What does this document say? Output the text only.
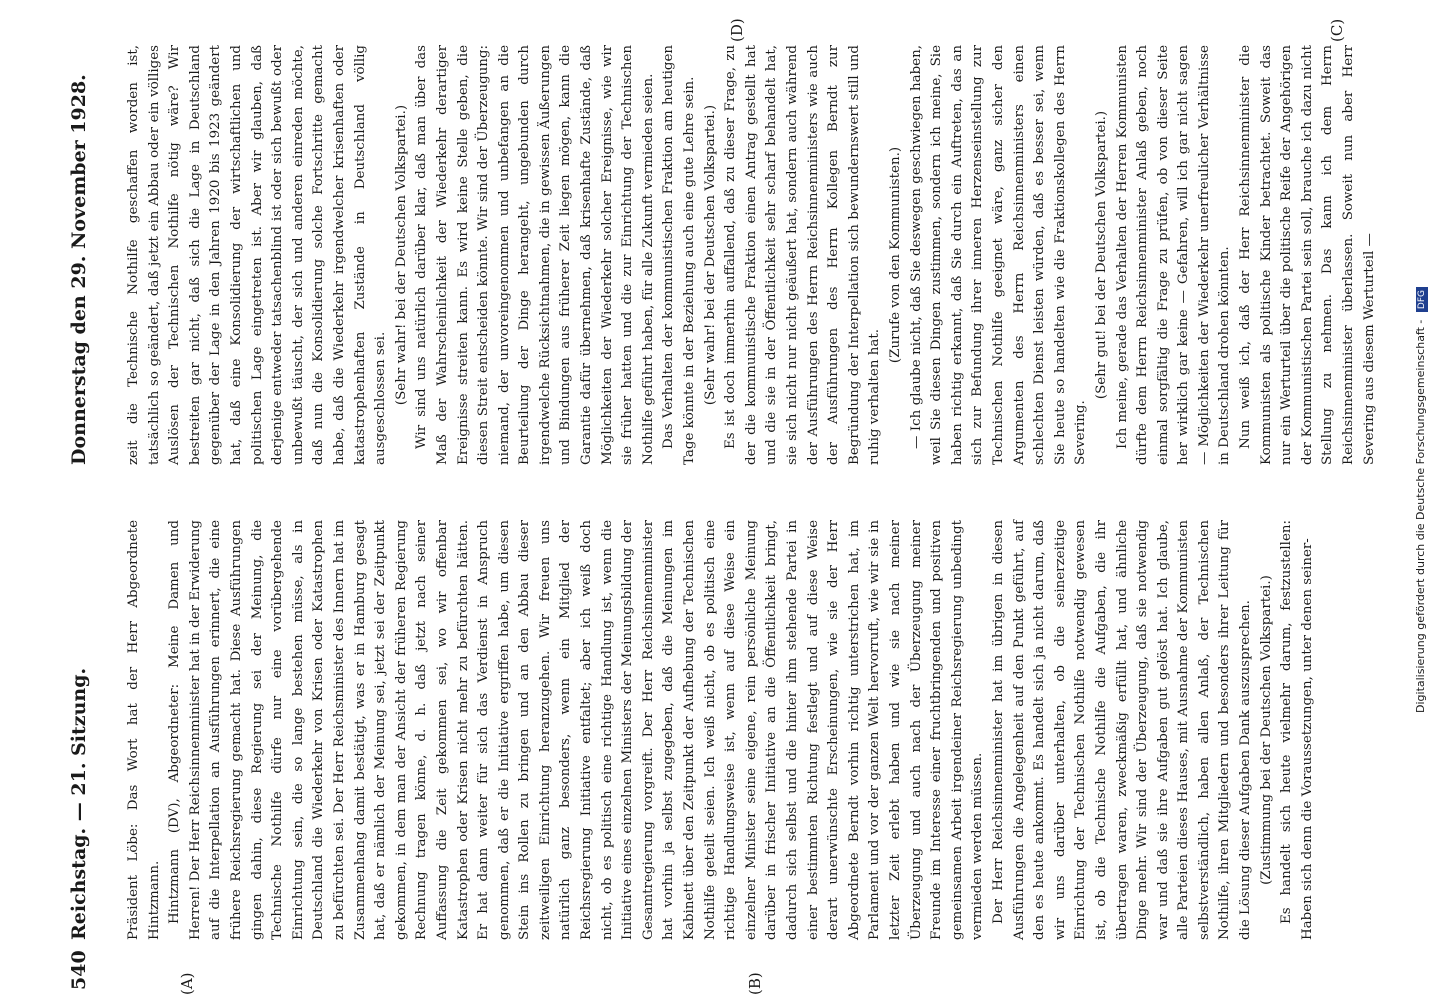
540
Reichstag. — 21. Sitzung.
Donnerstag den 29. November 1928.
(A)	(B)
(C)
(D)

Präsident Löbe: Das Wort hat der Herr Abgeordnete Hintzmann. Hintzmann (DV), Abgeordneter: Meine Damen und Herren! Der Herr Reichsinnenminister hat in der Erwiderung auf die Interpellation an Ausführungen erinnert, die eine frühere Reichsregierung gemacht hat. Diese Ausführungen gingen dahin, diese Regierung sei der Meinung, die Technische Nothilfe dürfe nur eine vorübergehende Einrichtung sein, die so lange bestehen müsse, als in Deutschland die Wiederkehr von Krisen oder Katastrophen zu befürchten sei. Der Herr Reichsminister des Innern hat im Zusammenhang damit bestätigt, was er in Hamburg gesagt hat, daß er nämlich der Meinung sei, jetzt sei der Zeitpunkt gekommen, in dem man der Ansicht der früheren Regierung Rechnung tragen könne, d. h. daß jetzt nach seiner Auffassung die Zeit gekommen sei, wo wir offenbar Katastrophen oder Krisen nicht mehr zu befürchten hätten. Er hat dann weiter für sich das Verdienst in Anspruch genommen, daß er die Initiative ergriffen habe, um diesen Stein ins Rollen zu bringen und an den Abbau dieser zeitweiligen Einrichtung heranzugehen. Wir freuen uns natürlich ganz besonders, wenn ein Mitglied der Reichsregierung Initiative entfaltet; aber ich weiß doch nicht, ob es politisch eine richtige Handlung ist, wenn die Initiative eines einzelnen Ministers der Meinungsbildung der Gesamtregierung vorgreift. Der Herr Reichsinnenminister hat vorhin ja selbst zugegeben, daß die Meinungen im Kabinett über den Zeitpunkt der Aufhebung der Technischen Nothilfe geteilt seien. Ich weiß nicht, ob es politisch eine richtige Handlungsweise ist, wenn auf diese Weise ein einzelner Minister seine eigene, rein persönliche Meinung darüber in frischer Initiative an die Öffentlichkeit bringt, dadurch sich selbst und die hinter ihm stehende Partei in einer bestimmten Richtung festlegt und auf diese Weise derart unerwünschte Erscheinungen, wie sie der Herr Abgeordnete Berndt vorhin richtig unterstrichen hat, im Parlament und vor der ganzen Welt hervorruft, wie wir sie in letzter Zeit erlebt haben und wie sie nach meiner Überzeugung und auch nach der Überzeugung meiner Freunde im Interesse einer fruchtbringenden und positiven gemeinsamen Arbeit irgendeiner Reichsregierung unbedingt vermieden werden müssen. Der Herr Reichsinnenminister hat im übrigen in diesen Ausführungen die Angelegenheit auf den Punkt geführt, auf den es heute ankommt. Es handelt sich ja nicht darum, daß wir uns darüber unterhalten, ob die seinerzeitige Einrichtung der Technischen Nothilfe notwendig gewesen ist, ob die Technische Nothilfe die Aufgaben, die ihr übertragen waren, zweckmäßig erfüllt hat, und ähnliche Dinge mehr. Wir sind der Überzeugung, daß sie notwendig war und daß sie ihre Aufgaben gut gelöst hat. Ich glaube, alle Parteien dieses Hauses, mit Ausnahme der Kommunisten selbstverständlich, haben allen Anlaß, der Technischen Nothilfe, ihren Mitgliedern und besonders ihrer Leitung für die Lösung dieser Aufgaben Dank auszusprechen. (Zustimmung bei der Deutschen Volkspartei.) Es handelt sich heute vielmehr darum, festzustellen: Haben sich denn die Voraussetzungen, unter denen seiner-

zeit die Technische Nothilfe geschaffen worden ist, tatsächlich so geändert, daß jetzt ein Abbau oder ein völliges Auslösen der Technischen Nothilfe nötig wäre? Wir bestreiten gar nicht, daß sich die Lage in Deutschland gegenüber der Lage in den Jahren 1920 bis 1923 geändert hat, daß eine Konsolidierung der wirtschaftlichen und politischen Lage eingetreten ist. Aber wir glauben, daß derjenige entweder tatsachenblind ist oder sich bewußt oder unbewußt täuscht, der sich und anderen einreden möchte, daß nun die Konsolidierung solche Fortschritte gemacht habe, daß die Wiederkehr irgendwelcher krisenhaften oder katastrophenhaften Zustände in Deutschland völlig ausgeschlossen sei. (Sehr wahr! bei der Deutschen Volkspartei.) Wir sind uns natürlich darüber klar, daß man über das Maß der Wahrscheinlichkeit der Wiederkehr derartiger Ereignisse streiten kann. Es wird keine Stelle geben, die diesen Streit entscheiden könnte. Wir sind der Überzeugung: niemand, der unvoreingenommen und unbefangen an die Beurteilung der Dinge herangeht, ungebunden durch irgendwelche Rücksichtnahmen, die in gewissen Äußerungen und Bindungen aus früherer Zeit liegen mögen, kann die Garantie dafür übernehmen, daß krisenhafte Zustände, daß Möglichkeiten der Wiederkehr solcher Ereignisse, wie wir sie früher hatten und die zur Einrichtung der Technischen Nothilfe geführt haben, für alle Zukunft vermieden seien. Das Verhalten der kommunistischen Fraktion am heutigen Tage könnte in der Beziehung auch eine gute Lehre sein. (Sehr wahr! bei der Deutschen Volkspartei.) Es ist doch immerhin auffallend, daß zu dieser Frage, zu der die kommunistische Fraktion einen Antrag gestellt hat und die sie in der Öffentlichkeit sehr scharf behandelt hat, sie sich nicht nur nicht geäußert hat, sondern auch während der Ausführungen des Herrn Reichsinnenministers wie auch der Ausführungen des Herrn Kollegen Berndt zur Begründung der Interpellation sich bewundernswert still und ruhig verhalten hat.

(Zurufe von den Kommunisten.) — Ich glaube nicht, daß Sie deswegen geschwiegen haben, weil Sie diesen Dingen zustimmen, sondern ich meine, Sie haben richtig erkannt, daß Sie durch ein Auftreten, das an sich zur Befundung ihrer inneren Herzenseinstellung zur Technischen Nothilfe geeignet wäre, ganz sicher den Argumenten des Herrn Reichsinnenministers einen schlechten Dienst leisten würden, daß es besser sei, wenn Sie heute so handelten wie die Fraktionskollegen des Herrn Severing.

(Sehr gut! bei der Deutschen Volkspartei.) Ich meine, gerade das Verhalten der Herren Kommunisten dürfte dem Herrn Reichsinnenminister Anlaß geben, noch einmal sorgfältig die Frage zu prüfen, ob von dieser Seite her wirklich gar keine — Gefahren, will ich gar nicht sagen — Möglichkeiten der Wiederkehr unerfreulicher Verhältnisse in Deutschland drohen könnten. Nun weiß ich, daß der Herr Reichsinnenminister die Kommunisten als politische Kinder betrachtet. Soweit das nur ein Werturteil über die politische Reife der Angehörigen der Kommunistischen Partei sein soll, brauche ich dazu nicht Stellung zu nehmen. Das kann ich dem Herrn Reichsinnenminister überlassen. Soweit nun aber Herr Severing aus diesem Werturteil —	Digitalisierung gefördert durch die Deutsche Forschungsgemeinschaft - DFG
